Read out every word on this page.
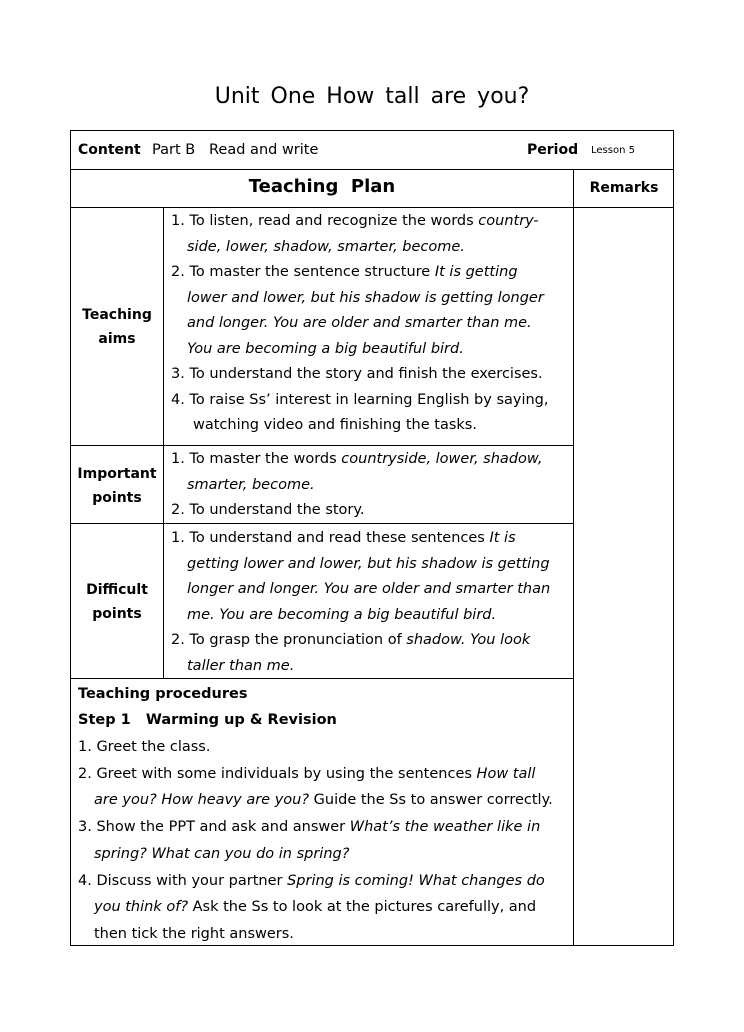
Unit One How tall are you?
Content Part B   Read and write	Period Lesson 5
Teaching  Plan	Remarks
Teaching
aims
1. To listen, read and recognize the words country-
side, lower, shadow, smarter, become.
2. To master the sentence structure It is getting
lower and lower, but his shadow is getting longer
and longer. You are older and smarter than me.
You are becoming a big beautiful bird.
3. To understand the story and finish the exercises.
4. To raise Ss’ interest in learning English by saying,
watching video and finishing the tasks.
Important
points
1. To master the words countryside, lower, shadow,
smarter, become.
2. To understand the story.
Difficult
points
1. To understand and read these sentences It is
getting lower and lower, but his shadow is getting
longer and longer. You are older and smarter than
me. You are becoming a big beautiful bird.
2. To grasp the pronunciation of shadow. You look
taller than me.
Teaching procedures
Step 1   Warming up & Revision
1. Greet the class.
2. Greet with some individuals by using the sentences How tall
are you? How heavy are you? Guide the Ss to answer correctly.
3. Show the PPT and ask and answer What’s the weather like in
spring? What can you do in spring?
4. Discuss with your partner Spring is coming! What changes do
you think of? Ask the Ss to look at the pictures carefully, and
then tick the right answers.
